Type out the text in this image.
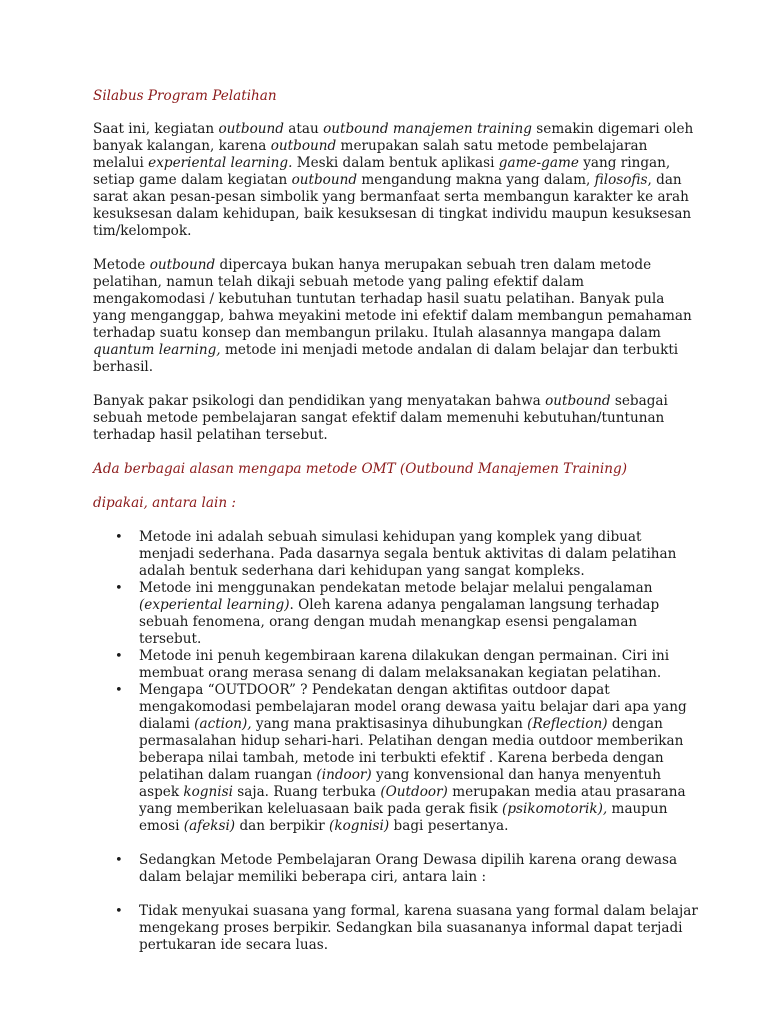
Silabus Program Pelatihan

Saat ini, kegiatan outbound atau outbound manajemen training semakin digemari oleh banyak kalangan, karena outbound merupakan salah satu metode pembelajaran melalui experiental learning. Meski dalam bentuk aplikasi game-game yang ringan, setiap game dalam kegiatan outbound mengandung makna yang dalam, filosofis, dan sarat akan pesan-pesan simbolik yang bermanfaat serta membangun karakter ke arah kesuksesan dalam kehidupan, baik kesuksesan di tingkat individu maupun kesuksesan tim/kelompok.

Metode outbound dipercaya bukan hanya merupakan sebuah tren dalam metode pelatihan, namun telah dikaji sebuah metode yang paling efektif dalam mengakomodasi / kebutuhan tuntutan terhadap hasil suatu pelatihan. Banyak pula yang menganggap, bahwa meyakini metode ini efektif dalam membangun pemahaman terhadap suatu konsep dan membangun prilaku. Itulah alasannya mangapa dalam quantum learning, metode ini menjadi metode andalan di dalam belajar dan terbukti berhasil.

Banyak pakar psikologi dan pendidikan yang menyatakan bahwa outbound sebagai sebuah metode pembelajaran sangat efektif dalam memenuhi kebutuhan/tuntunan terhadap hasil pelatihan tersebut.

Ada berbagai alasan mengapa metode OMT (Outbound Manajemen Training)
dipakai, antara lain :
• Metode ini adalah sebuah simulasi kehidupan yang komplek yang dibuat menjadi sederhana. Pada dasarnya segala bentuk aktivitas di dalam pelatihan adalah bentuk sederhana dari kehidupan yang sangat kompleks.
• Metode ini menggunakan pendekatan metode belajar melalui pengalaman (experiental learning). Oleh karena adanya pengalaman langsung terhadap sebuah fenomena, orang dengan mudah menangkap esensi pengalaman tersebut.
• Metode ini penuh kegembiraan karena dilakukan dengan permainan. Ciri ini membuat orang merasa senang di dalam melaksanakan kegiatan pelatihan.
• Mengapa “OUTDOOR” ? Pendekatan dengan aktifitas outdoor dapat mengakomodasi pembelajaran model orang dewasa yaitu belajar dari apa yang dialami (action), yang mana praktisasinya dihubungkan (Reflection) dengan permasalahan hidup sehari-hari. Pelatihan dengan media outdoor memberikan beberapa nilai tambah, metode ini terbukti efektif . Karena berbeda dengan pelatihan dalam ruangan (indoor) yang konvensional dan hanya menyentuh aspek kognisi saja. Ruang terbuka (Outdoor) merupakan media atau prasarana yang memberikan keleluasaan baik pada gerak fisik (psikomotorik), maupun emosi (afeksi) dan berpikir (kognisi) bagi pesertanya.
• Sedangkan Metode Pembelajaran Orang Dewasa dipilih karena orang dewasa dalam belajar memiliki beberapa ciri, antara lain :
• Tidak menyukai suasana yang formal, karena suasana yang formal dalam belajar mengekang proses berpikir. Sedangkan bila suasananya informal dapat terjadi pertukaran ide secara luas.
